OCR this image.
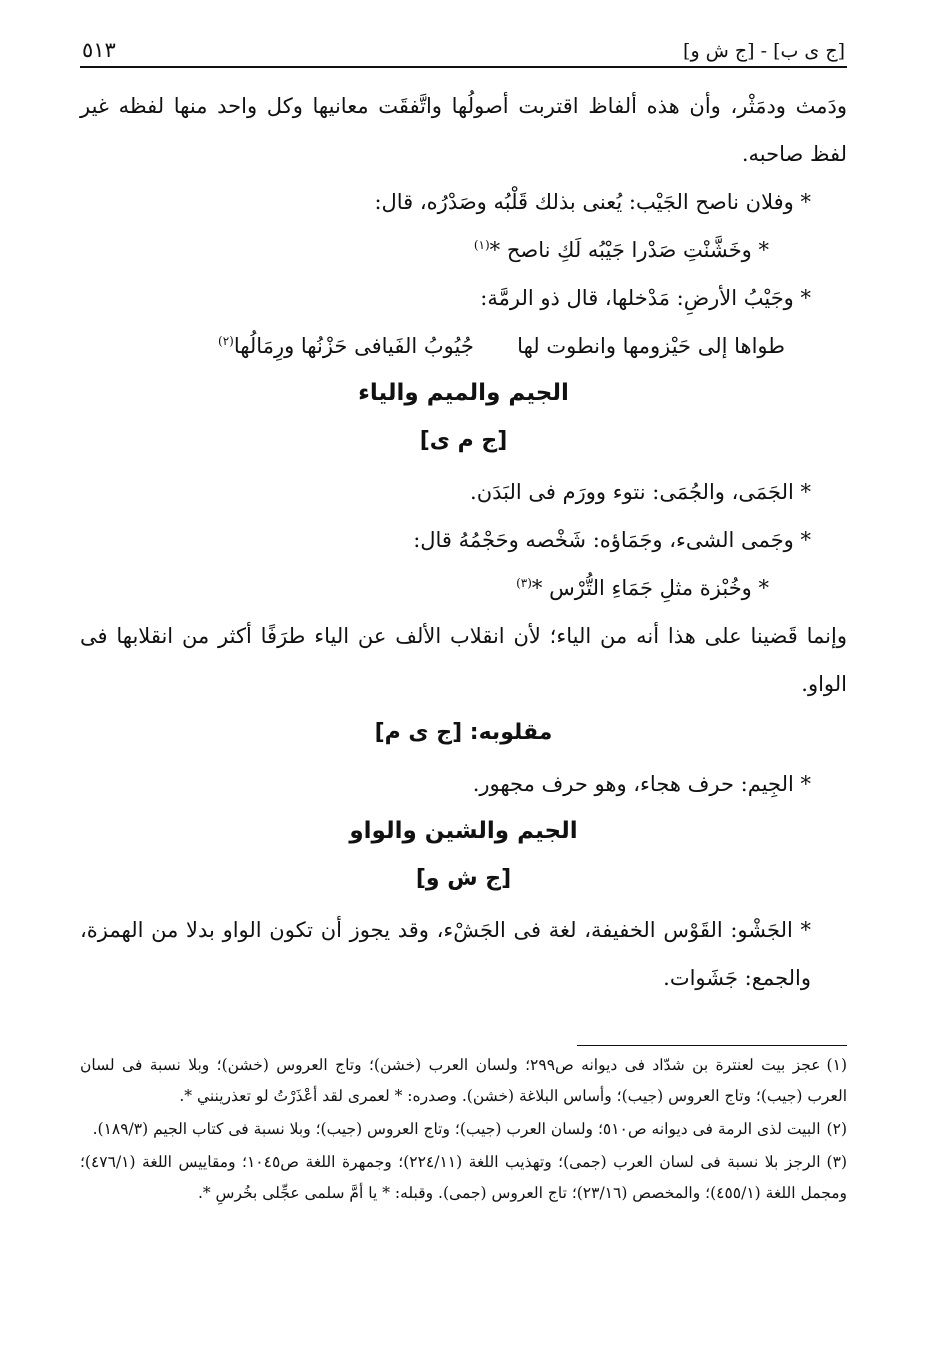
٥١٣	[ج ى ب] - [ج ش و]

ودَمث ودمَثْر، وأن هذه ألفاظ اقتربت أصولُها واتَّفقَت معانيها وكل واحد منها لفظه غير لفظ صاحبه.

* وفلان ناصح الجَيْب: يُعنى بذلك قَلْبُه وصَدْرُه، قال:

* وخَشَّنْتِ صَدْرا جَيْبُه لَكِ ناصح *$^{(١)}$

* وجَيْبُ الأرضِ: مَدْخلها، قال ذو الرمَّة:

طواها إلى حَيْزومها وانطوت لها
جُيُوبُ الفَيافى حَزْنُها ورِمَالُها$^{(٢)}$

الجيم والميم والياء

[ج م ى]

* الجَمَى، والجُمَى: نتوء وورَم فى البَدَن.

* وجَمى الشىء، وجَمَاؤه: شَخْصه وحَجْمُهُ قال:

* وخُبْزة مثلِ جَمَاءِ التُّرْس *$^{(٣)}$

وإنما قَضينا على هذا أنه من الياء؛ لأن انقلاب الألف عن الياء طرَفًا أكثر من انقلابها فى الواو.

مقلوبه: [ج ى م]

* الجِيم: حرف هجاء، وهو حرف مجهور.

الجيم والشين والواو

[ج ش و]

* الجَشْو: القَوْس الخفيفة، لغة فى الجَشْء، وقد يجوز أن تكون الواو بدلا من الهمزة، والجمع: جَشَوات.

(١)عجز بيت لعنترة بن شدّاد فى ديوانه ص٢٩٩؛ ولسان العرب (خشن)؛ وتاج العروس (خشن)؛ وبلا نسبة فى لسان العرب (جيب)؛ وتاج العروس (جيب)؛ وأساس البلاغة (خشن). وصدره: * لعمرى لقد أعْذَرْتُ لو تعذرينني *.

(٢)البيت لذى الرمة فى ديوانه ص٥١٠؛ ولسان العرب (جيب)؛ وتاج العروس (جيب)؛ وبلا نسبة فى كتاب الجيم (١٨٩/٣).

(٣)الرجز بلا نسبة فى لسان العرب (جمى)؛ وتهذيب اللغة (٢٢٤/١١)؛ وجمهرة اللغة ص١٠٤٥؛ ومقاييس اللغة (٤٧٦/١)؛ ومجمل اللغة (٤٥٥/١)؛ والمخصص (٢٣/١٦)؛ تاج العروس (جمى). وقبله: * يا أمَّ سلمى عجِّلى بخُرسِ *.
